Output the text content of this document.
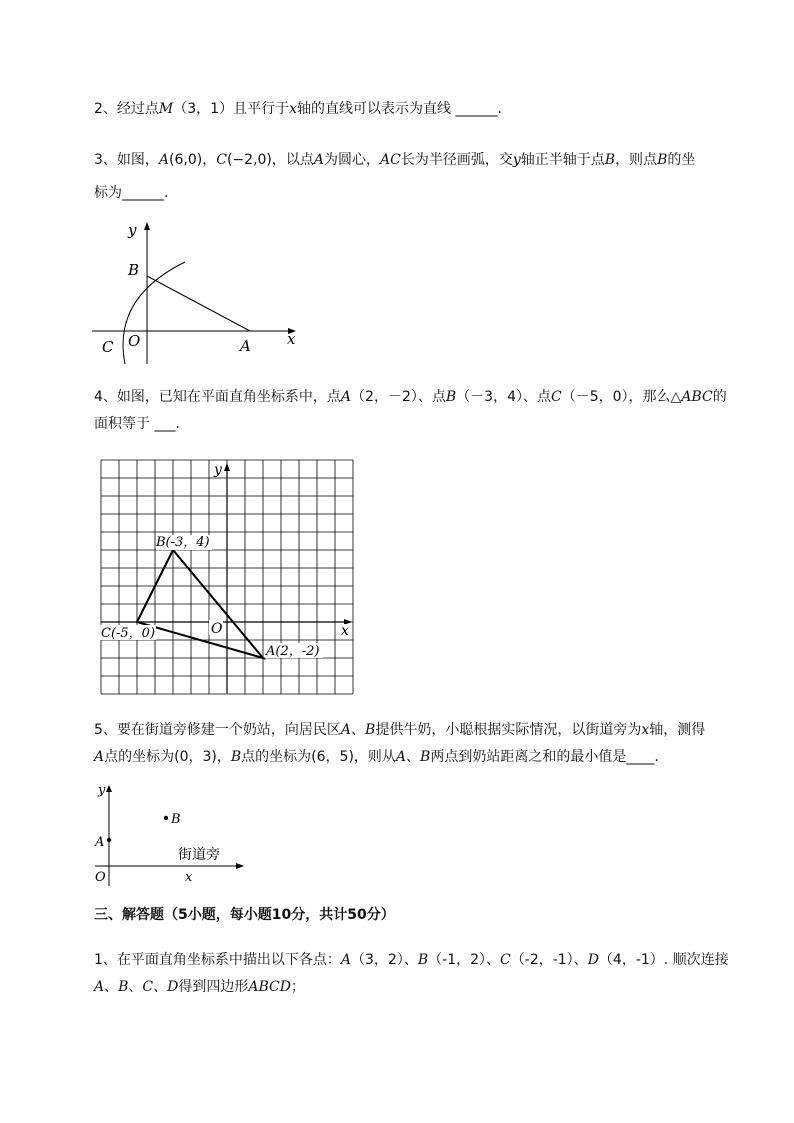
2、经过点M（3，1）且平行于x轴的直线可以表示为直线 ______.
3、如图，A(6,0)，C(−2,0)，以点A为圆心，AC长为半径画弧，交y轴正半轴于点B，则点B的坐
标为______.
y
B
x
C O	A
4、如图，已知在平面直角坐标系中，点A（2，－2）、点B（－3，4）、点C（－5，0），那么△ABC的
面积等于 ___.
y
x
O
B(-3，4)
C(-5，0)
A(2，-2)
5、要在街道旁修建一个奶站，向居民区A、B提供牛奶，小聪根据实际情况，以街道旁为x轴，测得
A点的坐标为(0，3)，B点的坐标为(6，5)，则从A、B两点到奶站距离之和的最小值是____.
y
A
B
街道旁
O	x
三、解答题（5小题，每小题10分，共计50分）
1、在平面直角坐标系中描出以下各点：A（3，2）、B（-1，2）、C（-2，-1）、D（4，-1）. 顺次连接
A、B、C、D得到四边形ABCD；
